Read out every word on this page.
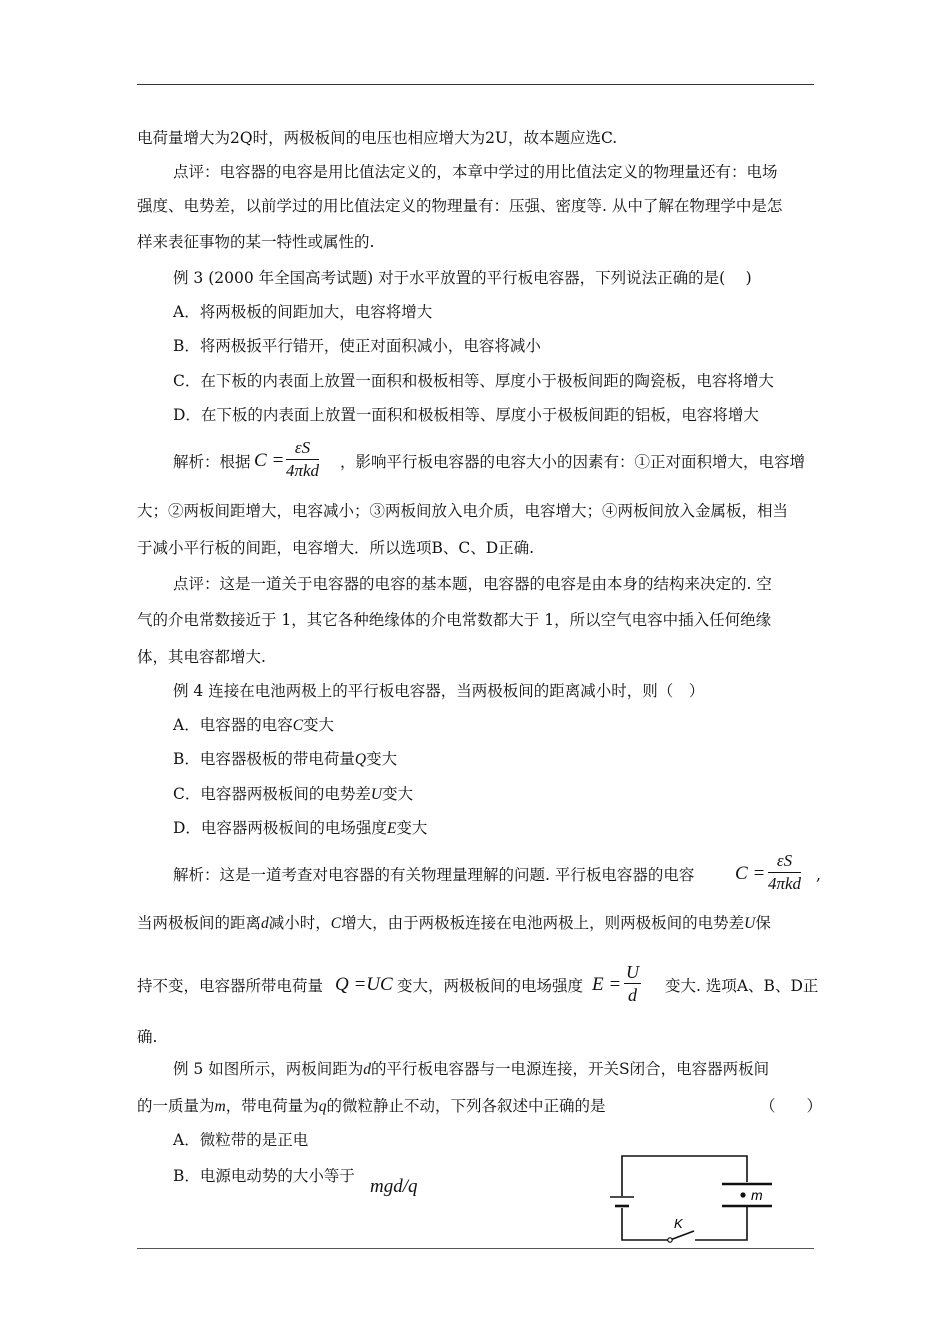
电荷量增大为2Q时，两极板间的电压也相应增大为2U，故本题应选C.
点评：电容器的电容是用比值法定义的，本章中学过的用比值法定义的物理量还有：电场
强度、电势差，以前学过的用比值法定义的物理量有：压强、密度等. 从中了解在物理学中是怎
样来表征事物的某一特性或属性的.
例 3 (2000 年全国高考试题) 对于水平放置的平行板电容器，下列说法正确的是(　 )
A．将两极板的间距加大，电容将增大
B．将两极扳平行错开，使正对面积减小，电容将减小
C．在下板的内表面上放置一面积和极板相等、厚度小于极板间距的陶瓷板，电容将增大
D．在下板的内表面上放置一面积和极板相等、厚度小于极板间距的铝板，电容将增大
解析：根据 C =
εS
4πkd ，影响平行板电容器的电容大小的因素有：①正对面积增大，电容增
大；②两板间距增大，电容减小；③两板间放入电介质，电容增大；④两板间放入金属板，相当
于减小平行板的间距，电容增大．所以选项B、C、D正确.
点评：这是一道关于电容器的电容的基本题，电容器的电容是由本身的结构来决定的. 空
气的介电常数接近于 1，其它各种绝缘体的介电常数都大于 1，所以空气电容中插入任何绝缘
体，其电容都增大.
例 4 连接在电池两极上的平行板电容器，当两极板间的距离减小时，则（　）
A．电容器的电容C变大
B．电容器极板的带电荷量Q变大
C．电容器两极板间的电势差U变大
D．电容器两极板间的电场强度E变大
解析：这是一道考查对电容器的有关物理量理解的问题. 平行板电容器的电容 C =
εS
4πkd ,
当两极板间的距离d减小时，C增大，由于两极板连接在电池两极上，则两极板间的电势差U保
持不变，电容器所带电荷量 Q =UC 变大，两极板间的电场强度 $E = \frac{U}{d}$ 变大. 选项A、B、D正
确.
例 5 如图所示，两板间距为d的平行板电容器与一电源连接，开关S闭合，电容器两板间
的一质量为m，带电荷量为q的微粒静止不动，下列各叙述中正确的是	（　　）
A．微粒带的是正电
B．电源电动势的大小等于 mgd/q	m
K
